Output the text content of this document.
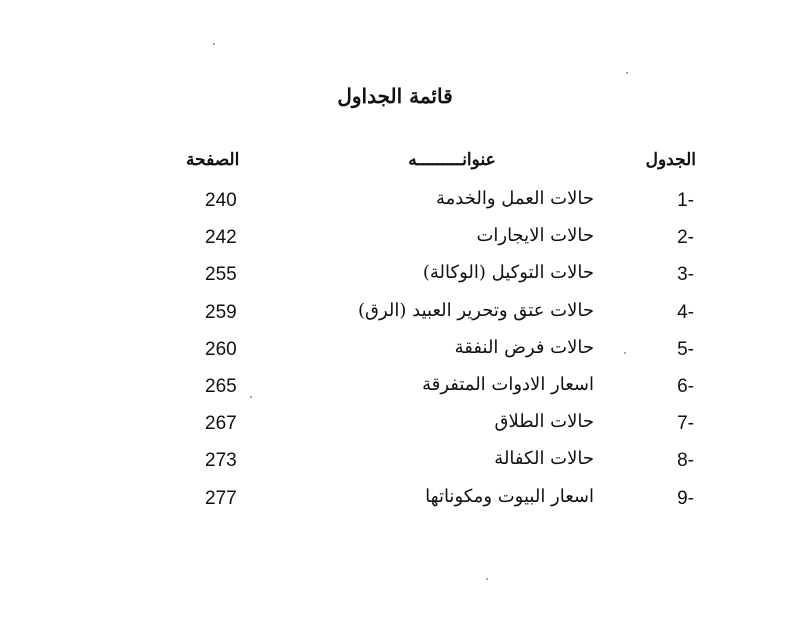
قائمة الجداول
الجدول
عنوانـــــــــه
الصفحة
1-
حالات العمل والخدمة
240
2-
حالات الايجارات
242
3-
حالات التوكيل (الوكالة)
255
4-
حالات عتق وتحرير العبيد (الرق)
259
5-
حالات فرض النفقة
260
6-
اسعار الادوات المتفرقة
265
7-
حالات الطلاق
267
8-
حالات الكفالة
273
9-
اسعار البيوت ومكوناتها
277
